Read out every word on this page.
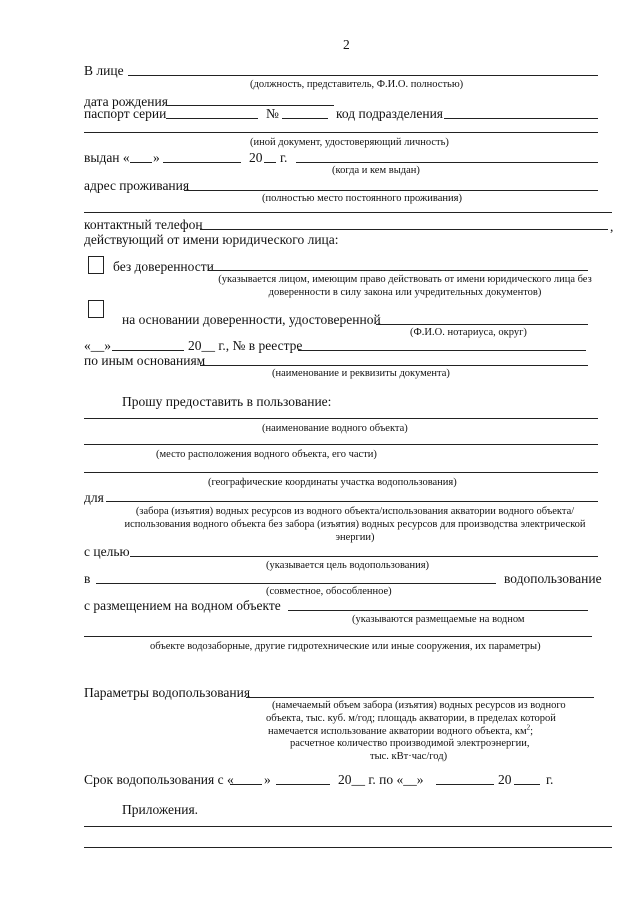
2
В лице
(должность, представитель, Ф.И.О. полностью)
дата рождения
паспорт серии	№	код подразделения
(иной документ, удостоверяющий личность)
выдан « »	20 г.
(когда и кем выдан)
адрес проживания
(полностью место постоянного проживания)
контактный телефон	,
действующий от имени юридического лица:
без доверенности
(указывается лицом, имеющим право действовать от имени юридического лица без доверенности в силу закона или учредительных документов)
на основании доверенности, удостоверенной
(Ф.И.О. нотариуса, округ)
«__»	20__ г., № в реестре
по иным основаниям
(наименование и реквизиты документа)
Прошу предоставить в пользование:
(наименование водного объекта)
(место расположения водного объекта, его части)
(географические координаты участка водопользования)
для
(забора (изъятия) водных ресурсов из водного объекта/использования акватории водного объекта/ использования водного объекта без забора (изъятия) водных ресурсов для производства электрической энергии)
с целью
(указывается цель водопользования)
в	водопользование
(совместное, обособленное)
с размещением на водном объекте
(указываются размещаемые на водном
объекте водозаборные, другие гидротехнические или иные сооружения, их параметры)
Параметры водопользования
(намечаемый объем забора (изъятия) водных ресурсов из водного
объекта, тыс. куб. м/год; площадь акватории, в пределах которой
намечается использование акватории водного объекта, $км^2$;
расчетное количество производимой электроэнергии,
тыс. кВт·час/год)
Срок водопользования с « »	20__ г. по «__»	20	г.
Приложения.
